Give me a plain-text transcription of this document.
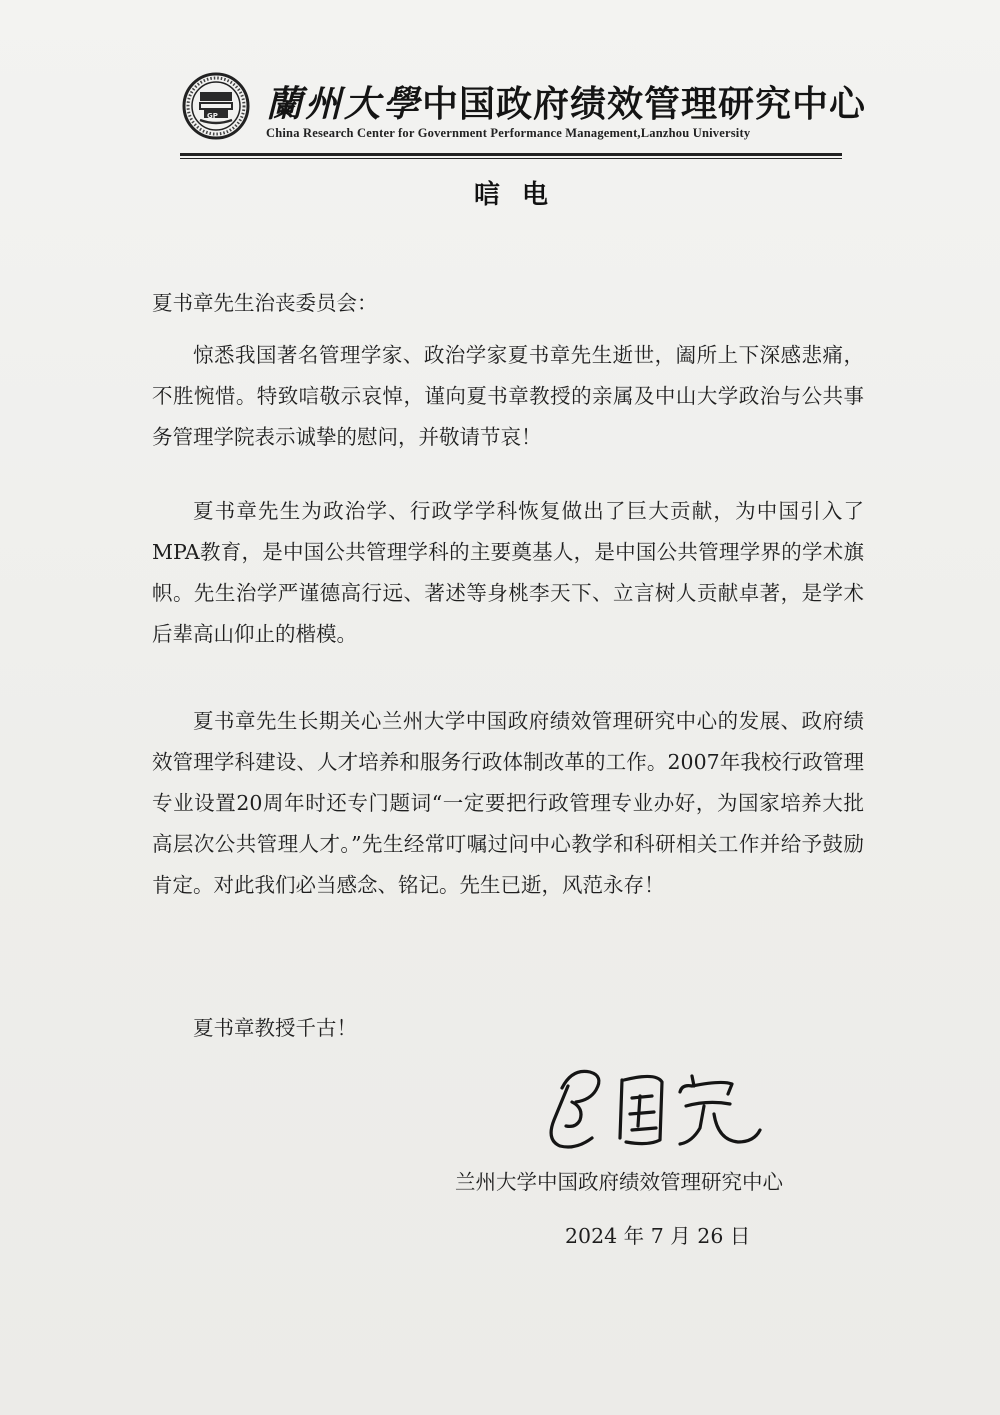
GP 蘭州大學中国政府绩效管理研究中心
China Research Center for Government Performance Management,Lanzhou University
唁电
夏书章先生治丧委员会：

惊悉我国著名管理学家、政治学家夏书章先生逝世，阖所上下深感悲痛，不胜惋惜。特致唁敬示哀悼，谨向夏书章教授的亲属及中山大学政治与公共事务管理学院表示诚挚的慰问，并敬请节哀！

夏书章先生为政治学、行政学学科恢复做出了巨大贡献，为中国引入了MPA教育，是中国公共管理学科的主要奠基人，是中国公共管理学界的学术旗帜。先生治学严谨德高行远、著述等身桃李天下、立言树人贡献卓著，是学术后辈高山仰止的楷模。

夏书章先生长期关心兰州大学中国政府绩效管理研究中心的发展、政府绩效管理学科建设、人才培养和服务行政体制改革的工作。2007年我校行政管理专业设置20周年时还专门题词“一定要把行政管理专业办好，为国家培养大批高层次公共管理人才。”先生经常叮嘱过问中心教学和科研相关工作并给予鼓励肯定。对此我们必当感念、铭记。先生已逝，风范永存！

夏书章教授千古！

兰州大学中国政府绩效管理研究中心
2024 年 7 月 26 日
